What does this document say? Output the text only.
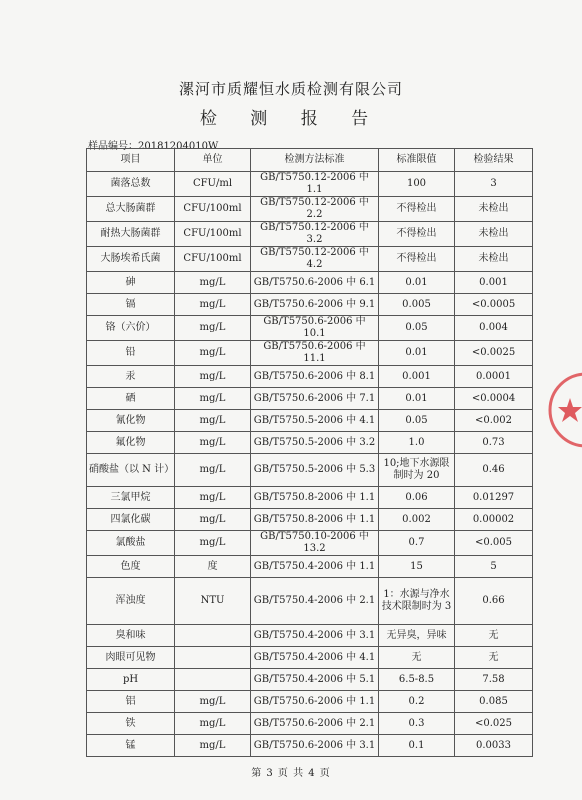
漯河市质耀恒水质检测有限公司
检 测 报 告
样品编号：20181204010W
项目	单位	检测方法标准	标准限值	检验结果
菌落总数	CFU/ml	GB/T5750.12-2006 中 1.1	100	3
总大肠菌群	CFU/100ml	GB/T5750.12-2006 中 2.2	不得检出	未检出
耐热大肠菌群	CFU/100ml	GB/T5750.12-2006 中 3.2	不得检出	未检出
大肠埃希氏菌	CFU/100ml	GB/T5750.12-2006 中 4.2	不得检出	未检出
砷	mg/L	GB/T5750.6-2006 中 6.1	0.01	0.001
镉	mg/L	GB/T5750.6-2006 中 9.1	0.005	<0.0005
铬（六价）	mg/L	GB/T5750.6-2006 中 10.1	0.05	0.004
铅	mg/L	GB/T5750.6-2006 中 11.1	0.01	<0.0025
汞	mg/L	GB/T5750.6-2006 中 8.1	0.001	0.0001
硒	mg/L	GB/T5750.6-2006 中 7.1	0.01	<0.0004
氰化物	mg/L	GB/T5750.5-2006 中 4.1	0.05	<0.002
氟化物	mg/L	GB/T5750.5-2006 中 3.2	1.0	0.73
硝酸盐（以 N 计）	mg/L	GB/T5750.5-2006 中 5.3	10;地下水源限制时为 20	0.46
三氯甲烷	mg/L	GB/T5750.8-2006 中 1.1	0.06	0.01297
四氯化碳	mg/L	GB/T5750.8-2006 中 1.1	0.002	0.00002
氯酸盐	mg/L	GB/T5750.10-2006 中 13.2	0.7	<0.005
色度	度	GB/T5750.4-2006 中 1.1	15	5
浑浊度	NTU	GB/T5750.4-2006 中 2.1	1：水源与净水技术限制时为 3	0.66
臭和味		GB/T5750.4-2006 中 3.1	无异臭，异味	无
肉眼可见物		GB/T5750.4-2006 中 4.1	无	无
pH		GB/T5750.4-2006 中 5.1	6.5-8.5	7.58
铝	mg/L	GB/T5750.6-2006 中 1.1	0.2	0.085
铁	mg/L	GB/T5750.6-2006 中 2.1	0.3	<0.025
锰	mg/L	GB/T5750.6-2006 中 3.1	0.1	0.0033
第 3 页 共 4 页
